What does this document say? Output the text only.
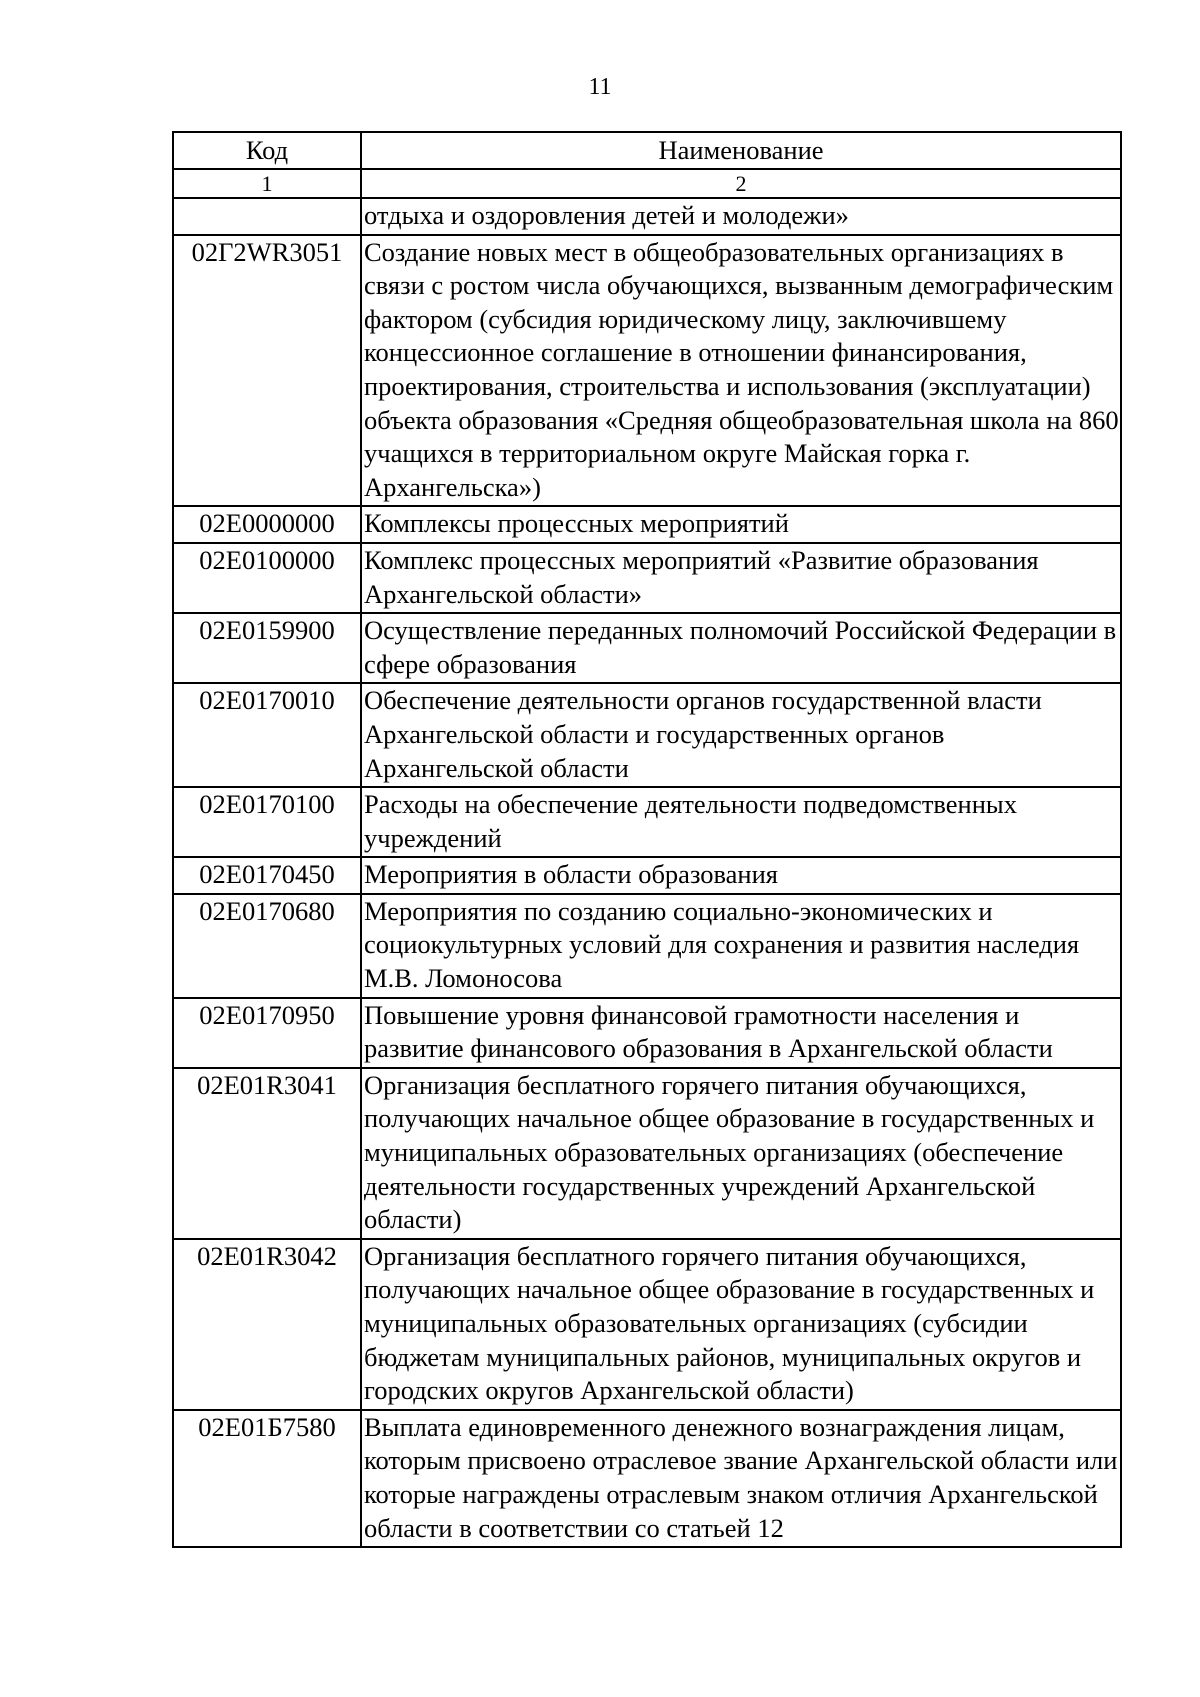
11
Код	Наименование
1	2
	отдыха и оздоровления детей и молодежи»
02Г2WR3051	Создание новых мест в общеобразовательных организациях в связи с ростом числа обучающихся, вызванным демографическим фактором (субсидия юридическому лицу, заключившему концессионное соглашение в отношении финансирования, проектирования, строительства и использования (эксплуатации) объекта образования «Средняя общеобразовательная школа на 860 учащихся в территориальном округе Майская горка г. Архангельска»)
02Е0000000	Комплексы процессных мероприятий
02Е0100000	Комплекс процессных мероприятий «Развитие образования Архангельской области»
02Е0159900	Осуществление переданных полномочий Российской Федерации в сфере образования
02Е0170010	Обеспечение деятельности органов государственной власти Архангельской области и государственных органов Архангельской области
02Е0170100	Расходы на обеспечение деятельности подведомственных учреждений
02Е0170450	Мероприятия в области образования
02Е0170680	Мероприятия по созданию социально-экономических и социокультурных условий для сохранения и развития наследия М.В. Ломоносова
02Е0170950	Повышение уровня финансовой грамотности населения и развитие финансового образования в Архангельской области
02Е01R3041	Организация бесплатного горячего питания обучающихся, получающих начальное общее образование в государственных и муниципальных образовательных организациях (обеспечение деятельности государственных учреждений Архангельской области)
02Е01R3042	Организация бесплатного горячего питания обучающихся, получающих начальное общее образование в государственных и муниципальных образовательных организациях (субсидии бюджетам муниципальных районов, муниципальных округов и городских округов Архангельской области)
02Е01Б7580	Выплата единовременного денежного вознаграждения лицам, которым присвоено отраслевое звание Архангельской области или которые награждены отраслевым знаком отличия Архангельской области в соответствии со статьей 12
